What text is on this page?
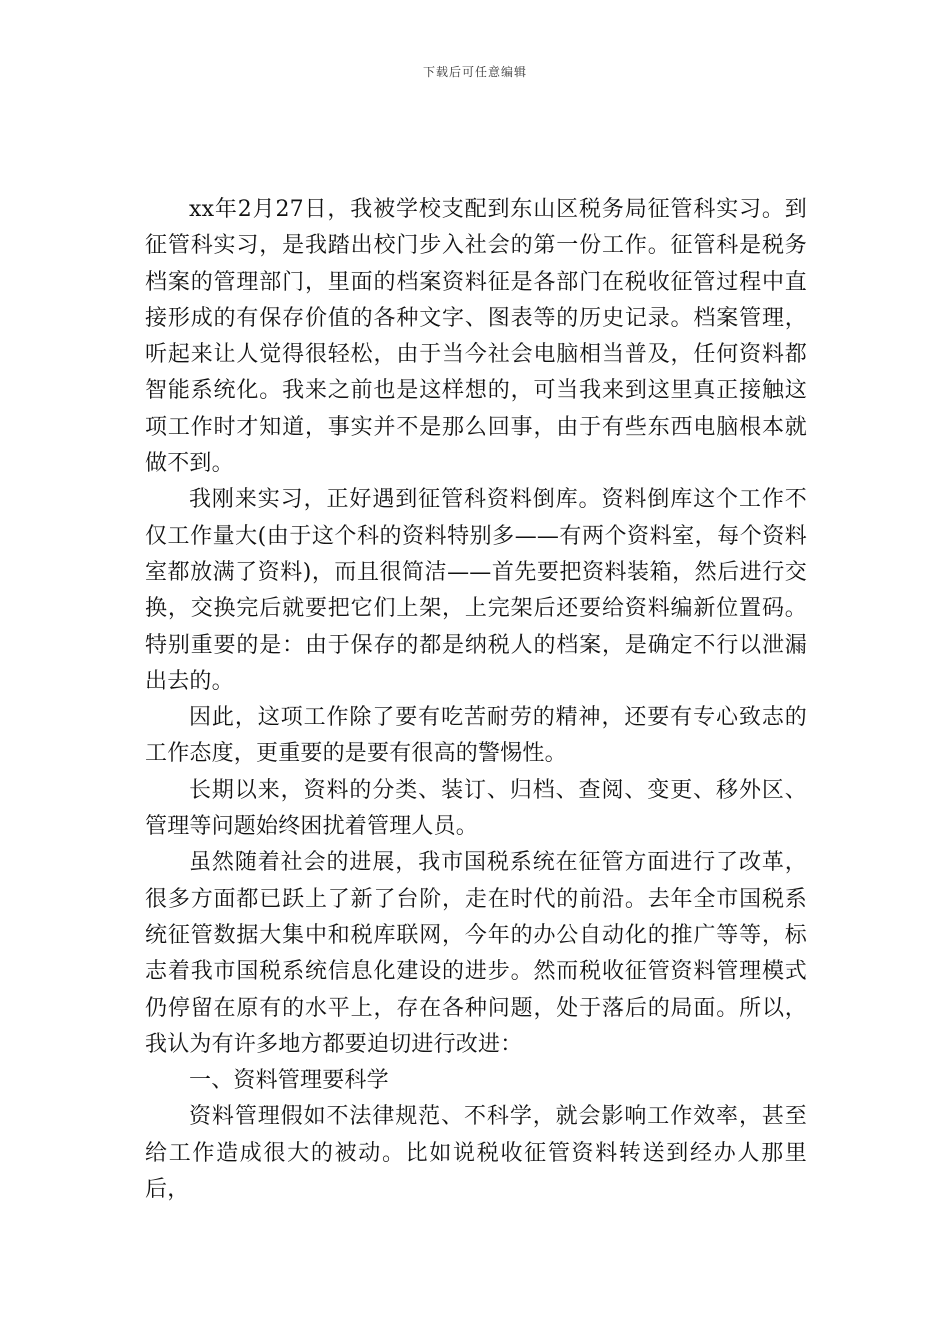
下载后可任意编辑

xx年2月27日，我被学校支配到东山区税务局征管科实习。到征管科实习，是我踏出校门步入社会的第一份工作。征管科是税务档案的管理部门，里面的档案资料征是各部门在税收征管过程中直接形成的有保存价值的各种文字、图表等的历史记录。档案管理，听起来让人觉得很轻松，由于当今社会电脑相当普及，任何资料都智能系统化。我来之前也是这样想的，可当我来到这里真正接触这项工作时才知道，事实并不是那么回事，由于有些东西电脑根本就做不到。

我刚来实习，正好遇到征管科资料倒库。资料倒库这个工作不仅工作量大(由于这个科的资料特别多——有两个资料室，每个资料室都放满了资料)，而且很简洁——首先要把资料装箱，然后进行交换，交换完后就要把它们上架，上完架后还要给资料编新位置码。特别重要的是：由于保存的都是纳税人的档案，是确定不行以泄漏出去的。

因此，这项工作除了要有吃苦耐劳的精神，还要有专心致志的工作态度，更重要的是要有很高的警惕性。

长期以来，资料的分类、装订、归档、查阅、变更、移外区、管理等问题始终困扰着管理人员。

虽然随着社会的进展，我市国税系统在征管方面进行了改革，很多方面都已跃上了新了台阶，走在时代的前沿。去年全市国税系统征管数据大集中和税库联网，今年的办公自动化的推广等等，标志着我市国税系统信息化建设的进步。然而税收征管资料管理模式仍停留在原有的水平上，存在各种问题，处于落后的局面。所以，我认为有许多地方都要迫切进行改进：

一、资料管理要科学

资料管理假如不法律规范、不科学，就会影响工作效率，甚至给工作造成很大的被动。比如说税收征管资料转送到经办人那里后，
